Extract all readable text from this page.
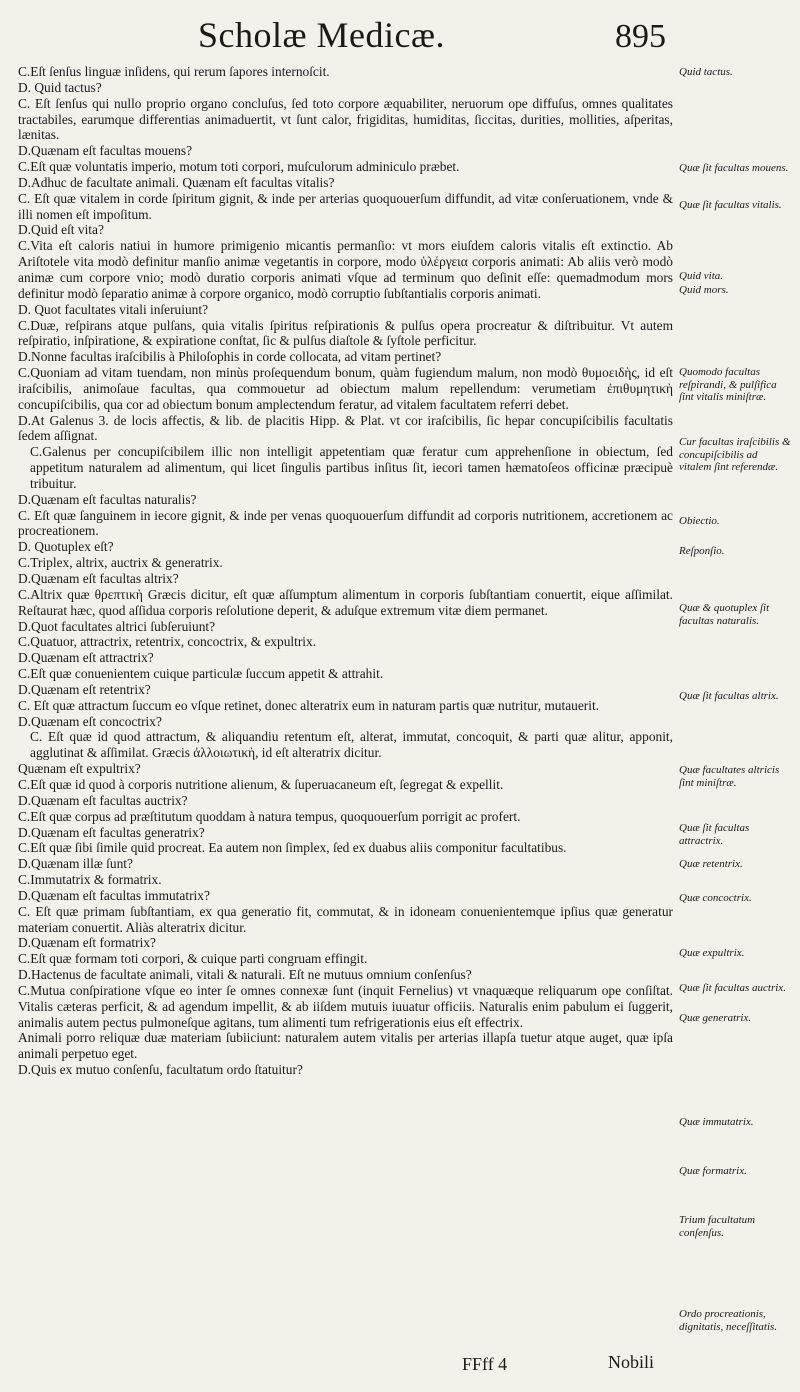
Scholæ Medicæ.	895

C.Eſt ſenſus linguæ inſidens, qui rerum ſapores internoſcit.

D. Quid tactus?

C. Eſt ſenſus qui nullo proprio organo concluſus, ſed toto corpore æquabiliter, neruorum ope diffuſus, omnes qualitates tractabiles, earumque differentias animaduertit, vt ſunt calor, frigiditas, humiditas, ſiccitas, durities, mollities, aſperitas, lænitas.

D.Quænam eſt facultas mouens?

C.Eſt quæ voluntatis imperio, motum toti corpori, muſculorum adminiculo præbet.

D.Adhuc de facultate animali. Quænam eſt facultas vitalis?

C. Eſt quæ vitalem in corde ſpiritum gignit, & inde per arterias quoquouerſum diffundit, ad vitæ conſeruationem, vnde & illi nomen eſt impoſitum.

D.Quid eſt vita?

C.Vita eſt caloris natiui in humore primigenio micantis permanſio: vt mors eiuſdem caloris vitalis eſt extinctio. Ab Ariſtotele vita modò definitur manſio animæ vegetantis in corpore, modo ὑλέργεια corporis animati: Ab aliis verò modò animæ cum corpore vnio; modò duratio corporis animati vſque ad terminum quo deſinit eſſe: quemadmodum mors definitur modò ſeparatio animæ à corpore organico, modò corruptio ſubſtantialis corporis animati.

D. Quot facultates vitali inſeruiunt?

C.Duæ, reſpirans atque pulſans, quia vitalis ſpiritus reſpirationis & pulſus opera procreatur & diſtribuitur. Vt autem reſpiratio, inſpiratione, & expiratione conſtat, ſic & pulſus diaſtole & ſyſtole perficitur.

D.Nonne facultas iraſcibilis à Philoſophis in corde collocata, ad vitam pertinet?

C.Quoniam ad vitam tuendam, non minùs proſequendum bonum, quàm fugiendum malum, non modò θυμοειδὴς, id eſt iraſcibilis, animoſaue facultas, qua commouetur ad obiectum malum repellendum: verumetiam ἐπιθυμητικὴ concupiſcibilis, qua cor ad obiectum bonum amplectendum feratur, ad vitalem facultatem referri debet.

D.At Galenus 3. de locis affectis, & lib. de placitis Hipp. & Plat. vt cor iraſcibilis, ſic hepar concupiſcibilis facultatis ſedem aſſignat.

C.Galenus per concupiſcibilem illic non intelligit appetentiam quæ feratur cum apprehenſione in obiectum, ſed appetitum naturalem ad alimentum, qui licet ſingulis partibus inſitus ſit, iecori tamen hæmatoſeos officinæ præcipuè tribuitur.

D.Quænam eſt facultas naturalis?

C. Eſt quæ ſanguinem in iecore gignit, & inde per venas quoquouerſum diffundit ad corporis nutritionem, accretionem ac procreationem.

D. Quotuplex eſt?

C.Triplex, altrix, auctrix & generatrix.

D.Quænam eſt facultas altrix?

C.Altrix quæ θρεπτικὴ Græcis dicitur, eſt quæ aſſumptum alimentum in corporis ſubſtantiam conuertit, eique aſſimilat. Reſtaurat hæc, quod aſſidua corporis reſolutione deperit, & aduſque extremum vitæ diem permanet.

D.Quot facultates altrici ſubſeruiunt?

C.Quatuor, attractrix, retentrix, concoctrix, & expultrix.

D.Quænam eſt attractrix?

C.Eſt quæ conuenientem cuique particulæ ſuccum appetit & attrahit.

D.Quænam eſt retentrix?

C. Eſt quæ attractum ſuccum eo vſque retinet, donec alteratrix eum in naturam partis quæ nutritur, mutauerit.

D.Quænam eſt concoctrix?

C. Eſt quæ id quod attractum, & aliquandiu retentum eſt, alterat, immutat, concoquit, & parti quæ alitur, apponit, agglutinat & aſſimilat. Græcis ἀλλοιωτικὴ, id eſt alteratrix dicitur.

Quænam eſt expultrix?

C.Eſt quæ id quod à corporis nutritione alienum, & ſuperuacaneum eſt, ſegregat & expellit.

D.Quænam eſt facultas auctrix?

C.Eſt quæ corpus ad præſtitutum quoddam à natura tempus, quoquouerſum porrigit ac profert.

D.Quænam eſt facultas generatrix?

C.Eſt quæ ſibi ſimile quid procreat. Ea autem non ſimplex, ſed ex duabus aliis componitur facultatibus.

D.Quænam illæ ſunt?

C.Immutatrix & formatrix.

D.Quænam eſt facultas immutatrix?

C. Eſt quæ primam ſubſtantiam, ex qua generatio fit, commutat, & in idoneam conuenientemque ipſius quæ generatur materiam conuertit. Aliàs alteratrix dicitur.

D.Quænam eſt formatrix?

C.Eſt quæ formam toti corpori, & cuique parti congruam effingit.

D.Hactenus de facultate animali, vitali & naturali. Eſt ne mutuus omnium conſenſus?

C.Mutua conſpiratione vſque eo inter ſe omnes connexæ ſunt (inquit Fernelius) vt vnaquæque reliquarum ope conſiſtat. Vitalis cæteras perficit, & ad agendum impellit, & ab iiſdem mutuis iuuatur officiis. Naturalis enim pabulum ei ſuggerit, animalis autem pectus pulmoneſque agitans, tum alimenti tum refrigerationis eius eſt effectrix.

Animali porro reliquæ duæ materiam ſubiiciunt: naturalem autem vitalis per arterias illapſa tuetur atque auget, quæ ipſa animali perpetuo eget.

D.Quis ex mutuo conſenſu, facultatum ordo ſtatuitur?

Quid tactus.
Quæ ſit facultas mouens.
Quæ ſit facultas vitalis.
Quid vita.
Quid mors.
Quomodo facultas reſpirandi, & pulſifica ſint vitalis miniſtræ.
Cur facultas iraſcibilis & concupiſcibilis ad vitalem ſint referendæ.
Obiectio.
Reſponſio.
Quæ & quotuplex ſit facultas naturalis.
Quæ ſit facultas altrix.
Quæ facultates altricis ſint miniſtræ.
Quæ ſit facultas attractrix.
Quæ retentrix.
Quæ concoctrix.
Quæ expultrix.
Quæ ſit facultas auctrix.
Quæ generatrix.
Quæ immutatrix.
Quæ formatrix.
Trium facultatum conſenſus.
Ordo procreationis, dignitatis, neceſſitatis.
FFff 4	Nobili
